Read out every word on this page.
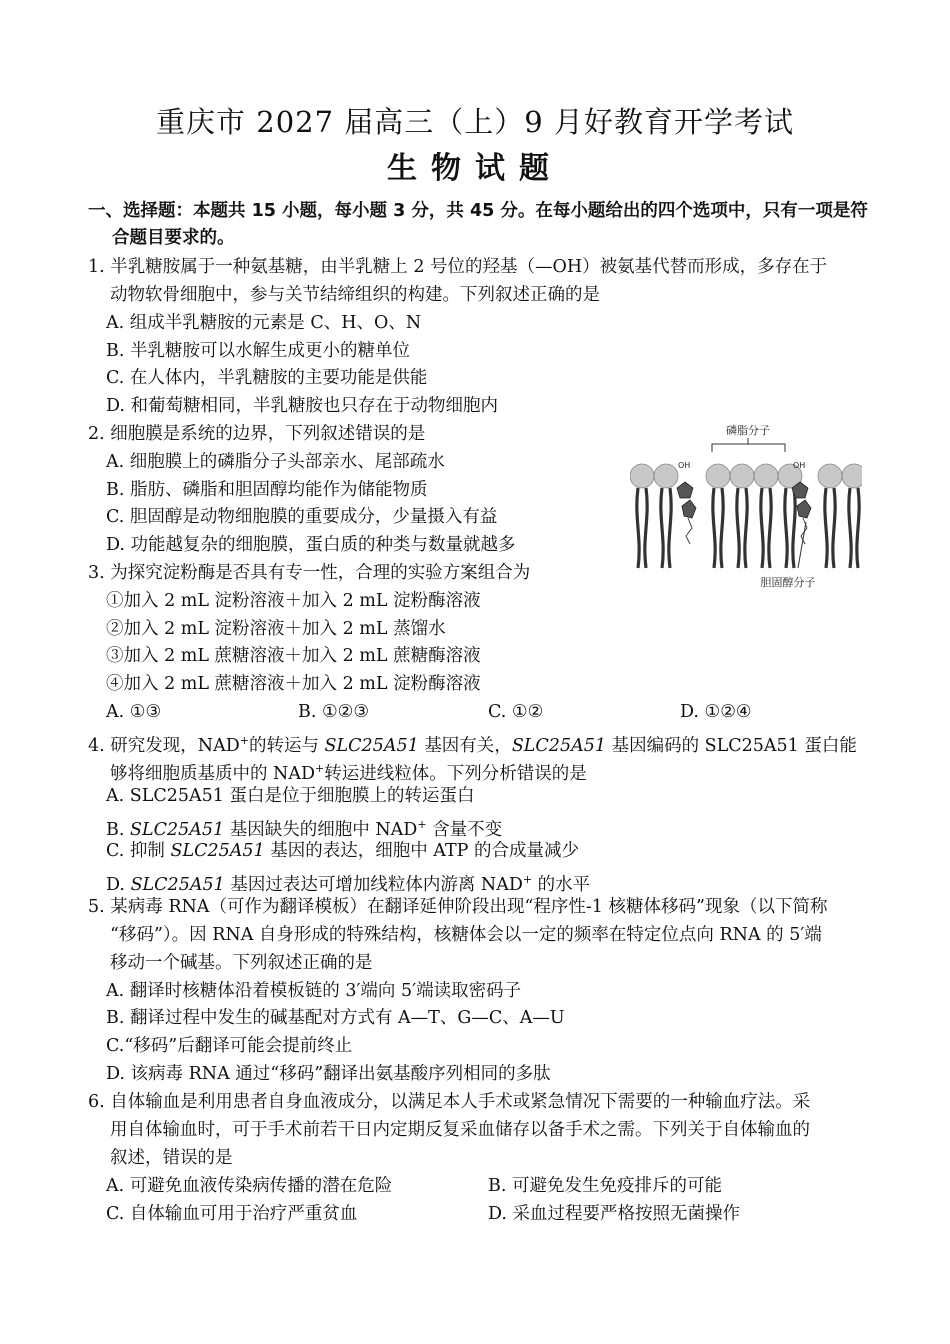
重庆市 2027 届高三（上）9 月好教育开学考试
生物试题
一、选择题：本题共 15 小题，每小题 3 分，共 45 分。在每小题给出的四个选项中，只有一项是符
合题目要求的。
1. 半乳糖胺属于一种氨基糖，由半乳糖上 2 号位的羟基（—OH）被氨基代替而形成，多存在于
动物软骨细胞中，参与关节结缔组织的构建。下列叙述正确的是
A. 组成半乳糖胺的元素是 C、H、O、N
B. 半乳糖胺可以水解生成更小的糖单位
C. 在人体内，半乳糖胺的主要功能是供能
D. 和葡萄糖相同，半乳糖胺也只存在于动物细胞内
2. 细胞膜是系统的边界，下列叙述错误的是
A. 细胞膜上的磷脂分子头部亲水、尾部疏水
B. 脂肪、磷脂和胆固醇均能作为储能物质
C. 胆固醇是动物细胞膜的重要成分，少量摄入有益
D. 功能越复杂的细胞膜，蛋白质的种类与数量就越多
磷脂分子
OH	OH
胆固醇分子
3. 为探究淀粉酶是否具有专一性，合理的实验方案组合为
①加入 2 mL 淀粉溶液＋加入 2 mL 淀粉酶溶液
②加入 2 mL 淀粉溶液＋加入 2 mL 蒸馏水
③加入 2 mL 蔗糖溶液＋加入 2 mL 蔗糖酶溶液
④加入 2 mL 蔗糖溶液＋加入 2 mL 淀粉酶溶液
A. ①③	B. ①②③	C. ①②	D. ①②④
4. 研究发现，NAD+的转运与 SLC25A51 基因有关，SLC25A51 基因编码的 SLC25A51 蛋白能
够将细胞质基质中的 NAD+转运进线粒体。下列分析错误的是
A. SLC25A51 蛋白是位于细胞膜上的转运蛋白
B. SLC25A51 基因缺失的细胞中 NAD+ 含量不变
C. 抑制 SLC25A51 基因的表达，细胞中 ATP 的合成量减少
D. SLC25A51 基因过表达可增加线粒体内游离 NAD+ 的水平
5. 某病毒 RNA（可作为翻译模板）在翻译延伸阶段出现“程序性-1 核糖体移码”现象（以下简称
“移码”）。因 RNA 自身形成的特殊结构，核糖体会以一定的频率在特定位点向 RNA 的 5′端
移动一个碱基。下列叙述正确的是
A. 翻译时核糖体沿着模板链的 3′端向 5′端读取密码子
B. 翻译过程中发生的碱基配对方式有 A—T、G—C、A—U
C.“移码”后翻译可能会提前终止
D. 该病毒 RNA 通过“移码”翻译出氨基酸序列相同的多肽
6. 自体输血是利用患者自身血液成分，以满足本人手术或紧急情况下需要的一种输血疗法。采
用自体输血时，可于手术前若干日内定期反复采血储存以备手术之需。下列关于自体输血的
叙述，错误的是
A. 可避免血液传染病传播的潜在危险	B. 可避免发生免疫排斥的可能
C. 自体输血可用于治疗严重贫血	D. 采血过程要严格按照无菌操作
